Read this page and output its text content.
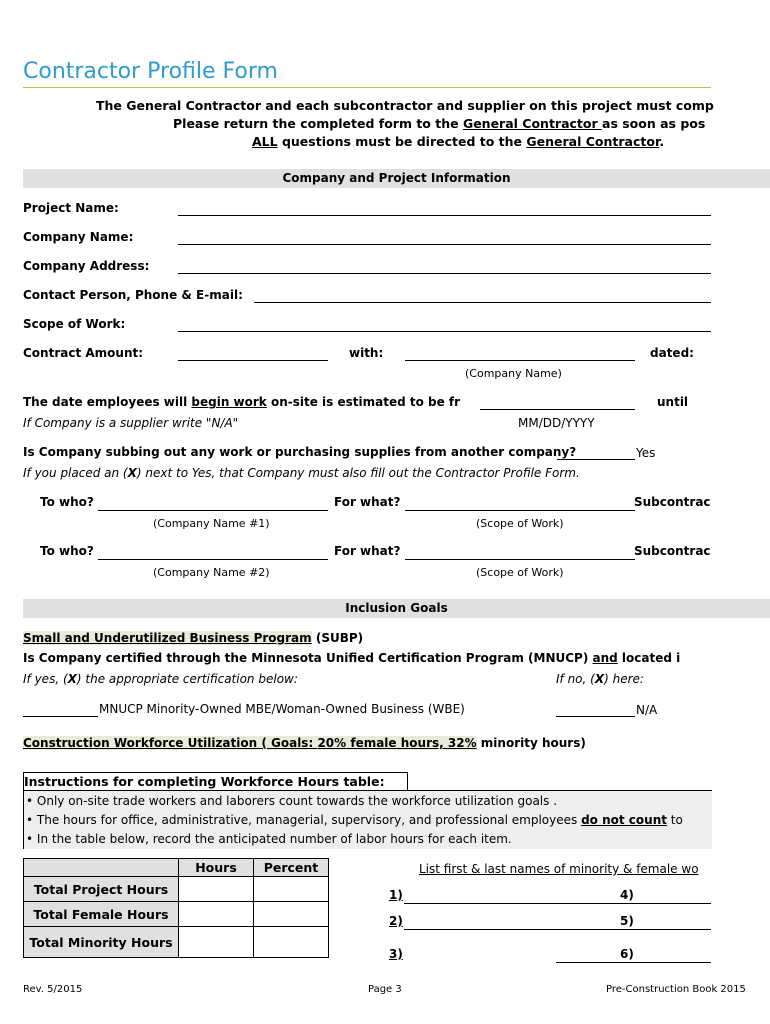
Contractor Profile Form
The General Contractor and each subcontractor and supplier on this project must comp
Please return the completed form to the General Contractor as soon as pos
ALL questions must be directed to the General Contractor.
Company and Project Information
Project Name:
Company Name:
Company Address:
Contact Person, Phone & E-mail:
Scope of Work:
Contract Amount:	with:	dated:
(Company Name)
The date employees will begin work on-site is estimated to be fr	until
If Company is a supplier write "N/A"	MM/DD/YYYY
Is Company subbing out any work or purchasing supplies from another company?	Yes
If you placed an (X) next to Yes, that Company must also fill out the Contractor Profile Form.
To who?	For what?	Subcontrac
(Company Name #1)	(Scope of Work)
To who?	For what?	Subcontrac
(Company Name #2)	(Scope of Work)
Inclusion Goals
Small and Underutilized Business Program (SUBP)
Is Company certified through the Minnesota Unified Certification Program (MNUCP) and located i
If yes, (X) the appropriate certification below:	If no, (X) here:
MNUCP Minority-Owned MBE/Woman-Owned Business (WBE)	N/A
Construction Workforce Utilization ( Goals: 20% female hours, 32% minority hours)
Instructions for completing Workforce Hours table:
• Only on-site trade workers and laborers count towards the workforce utilization goals .
• The hours for office, administrative, managerial, supervisory, and professional employees do not count to
• In the table below, record the anticipated number of labor hours for each item.
	Hours	Percent
Total Project Hours		
Total Female Hours		
Total Minority Hours		
List first & last names of minority & female wo
1)	4)
2)	5)
3)	6)
Rev. 5/2015	Page 3	Pre-Construction Book 2015
